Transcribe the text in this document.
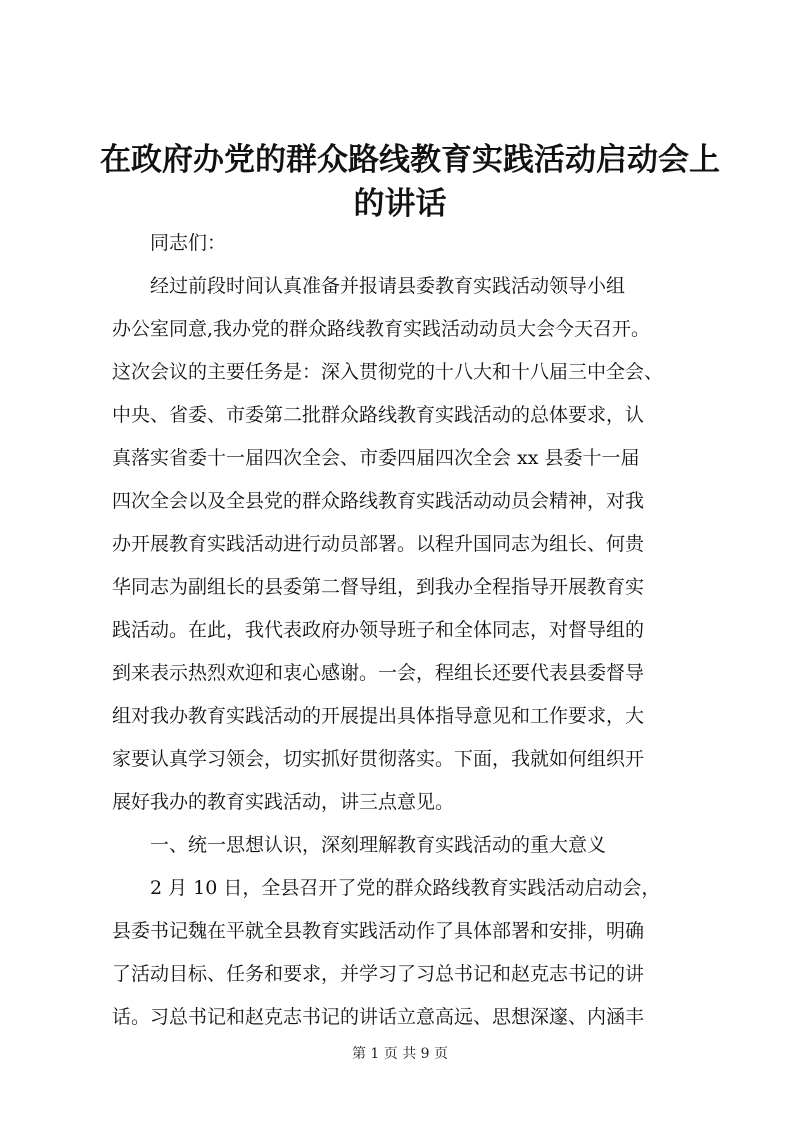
在政府办党的群众路线教育实践活动启动会上
的讲话
同志们：
经过前段时间认真准备并报请县委教育实践活动领导小组
办公室同意,我办党的群众路线教育实践活动动员大会今天召开。
这次会议的主要任务是：深入贯彻党的十八大和十八届三中全会、
中央、省委、市委第二批群众路线教育实践活动的总体要求，认
真落实省委十一届四次全会、市委四届四次全会 xx 县委十一届
四次全会以及全县党的群众路线教育实践活动动员会精神，对我
办开展教育实践活动进行动员部署。以程升国同志为组长、何贵
华同志为副组长的县委第二督导组，到我办全程指导开展教育实
践活动。在此，我代表政府办领导班子和全体同志，对督导组的
到来表示热烈欢迎和衷心感谢。一会，程组长还要代表县委督导
组对我办教育实践活动的开展提出具体指导意见和工作要求，大
家要认真学习领会，切实抓好贯彻落实。下面，我就如何组织开
展好我办的教育实践活动，讲三点意见。
一、统一思想认识，深刻理解教育实践活动的重大意义
2 月 10 日，全县召开了党的群众路线教育实践活动启动会，
县委书记魏在平就全县教育实践活动作了具体部署和安排，明确
了活动目标、任务和要求，并学习了习总书记和赵克志书记的讲
话。习总书记和赵克志书记的讲话立意高远、思想深邃、内涵丰
第 1 页 共 9 页
